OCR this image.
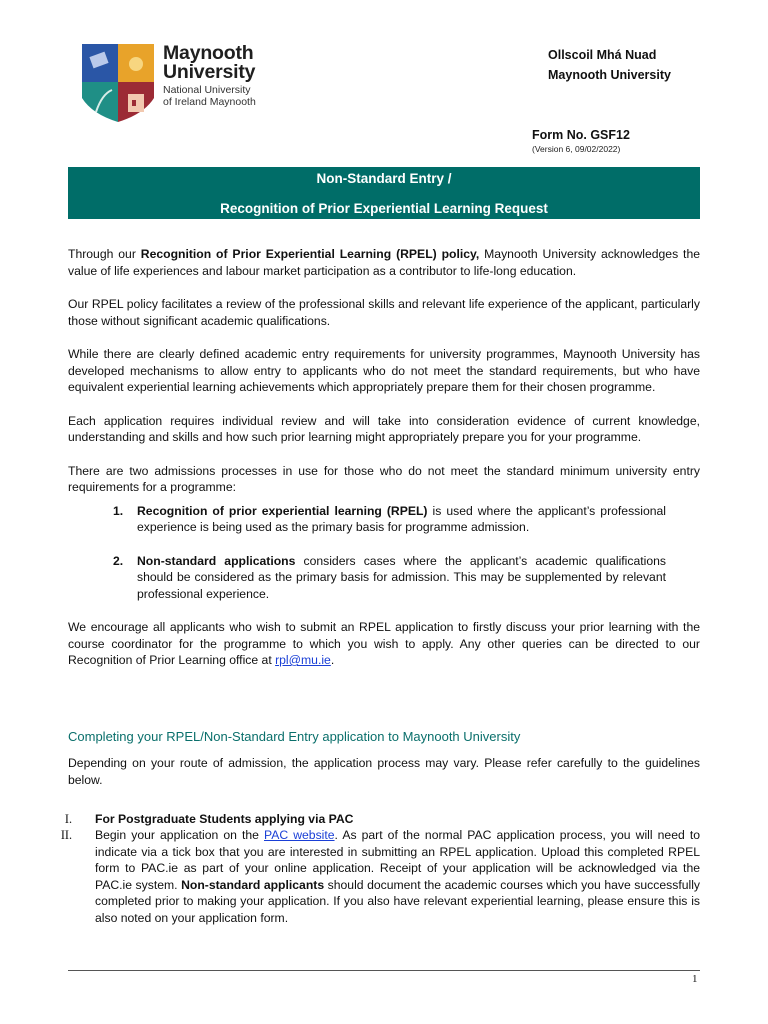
Maynooth
University
National University
of Ireland Maynooth
Ollscoil Mhá Nuad
Maynooth University
Form No. GSF12
(Version 6, 09/02/2022)
Non-Standard Entry /
Recognition of Prior Experiential Learning Request

Through our Recognition of Prior Experiential Learning (RPEL) policy, Maynooth University acknowledges the value of life experiences and labour market participation as a contributor to life-long education.

Our RPEL policy facilitates a review of the professional skills and relevant life experience of the applicant, particularly those without significant academic qualifications.

While there are clearly defined academic entry requirements for university programmes, Maynooth University has developed mechanisms to allow entry to applicants who do not meet the standard requirements, but who have equivalent experiential learning achievements which appropriately prepare them for their chosen programme.

Each application requires individual review and will take into consideration evidence of current knowledge, understanding and skills and how such prior learning might appropriately prepare you for your programme.

There are two admissions processes in use for those who do not meet the standard minimum university entry requirements for a programme:

1. Recognition of prior experiential learning (RPEL) is used where the applicant’s professional experience is being used as the primary basis for programme admission.
2. Non-standard applications considers cases where the applicant’s academic qualifications should be considered as the primary basis for admission. This may be supplemented by relevant professional experience.

We encourage all applicants who wish to submit an RPEL application to firstly discuss your prior learning with the course coordinator for the programme to which you wish to apply. Any other queries can be directed to our Recognition of Prior Learning office at rpl@mu.ie.

Completing your RPEL/Non-Standard Entry application to Maynooth University
Depending on your route of admission, the application process may vary. Please refer carefully to the guidelines below.
I. For Postgraduate Students applying via PAC
II. Begin your application on the PAC website. As part of the normal PAC application process, you will need to indicate via a tick box that you are interested in submitting an RPEL application. Upload this completed RPEL form to PAC.ie as part of your online application. Receipt of your application will be acknowledged via the PAC.ie system. Non-standard applicants should document the academic courses which you have successfully completed prior to making your application. If you also have relevant experiential learning, please ensure this is also noted on your application form.
1
